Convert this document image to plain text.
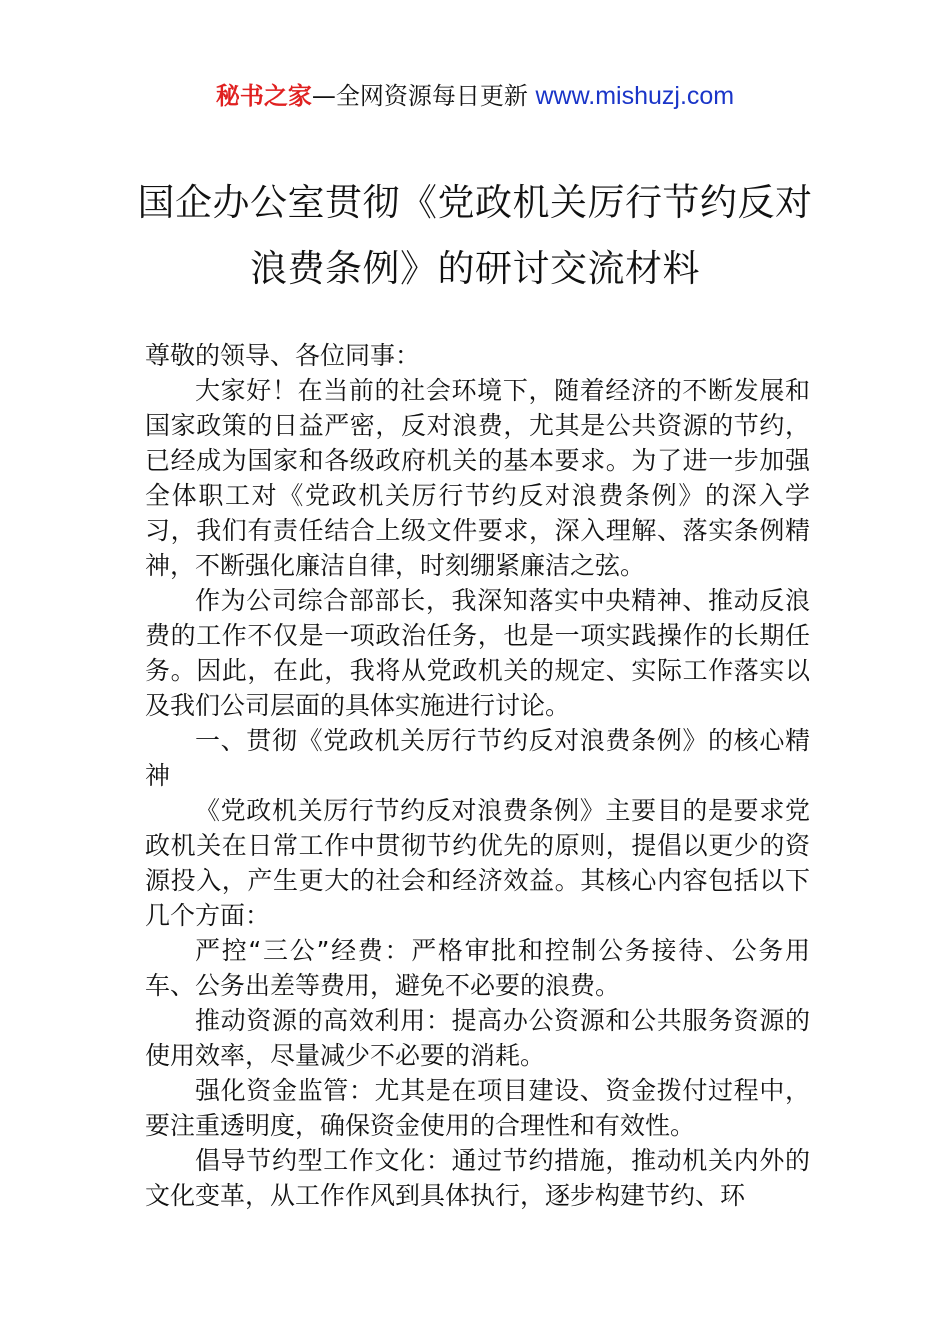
秘书之家—全网资源每日更新 www.mishuzj.com
国企办公室贯彻《党政机关厉行节约反对
浪费条例》的研讨交流材料

尊敬的领导、各位同事：

大家好！在当前的社会环境下，随着经济的不断发展和国家政策的日益严密，反对浪费，尤其是公共资源的节约，已经成为国家和各级政府机关的基本要求。为了进一步加强全体职工对《党政机关厉行节约反对浪费条例》的深入学习，我们有责任结合上级文件要求，深入理解、落实条例精神，不断强化廉洁自律，时刻绷紧廉洁之弦。

作为公司综合部部长，我深知落实中央精神、推动反浪费的工作不仅是一项政治任务，也是一项实践操作的长期任务。因此，在此，我将从党政机关的规定、实际工作落实以及我们公司层面的具体实施进行讨论。

一、贯彻《党政机关厉行节约反对浪费条例》的核心精神

《党政机关厉行节约反对浪费条例》主要目的是要求党政机关在日常工作中贯彻节约优先的原则，提倡以更少的资源投入，产生更大的社会和经济效益。其核心内容包括以下几个方面：

严控“三公”经费：严格审批和控制公务接待、公务用车、公务出差等费用，避免不必要的浪费。

推动资源的高效利用：提高办公资源和公共服务资源的使用效率，尽量减少不必要的消耗。

强化资金监管：尤其是在项目建设、资金拨付过程中，要注重透明度，确保资金使用的合理性和有效性。

倡导节约型工作文化：通过节约措施，推动机关内外的文化变革，从工作作风到具体执行，逐步构建节约、环
